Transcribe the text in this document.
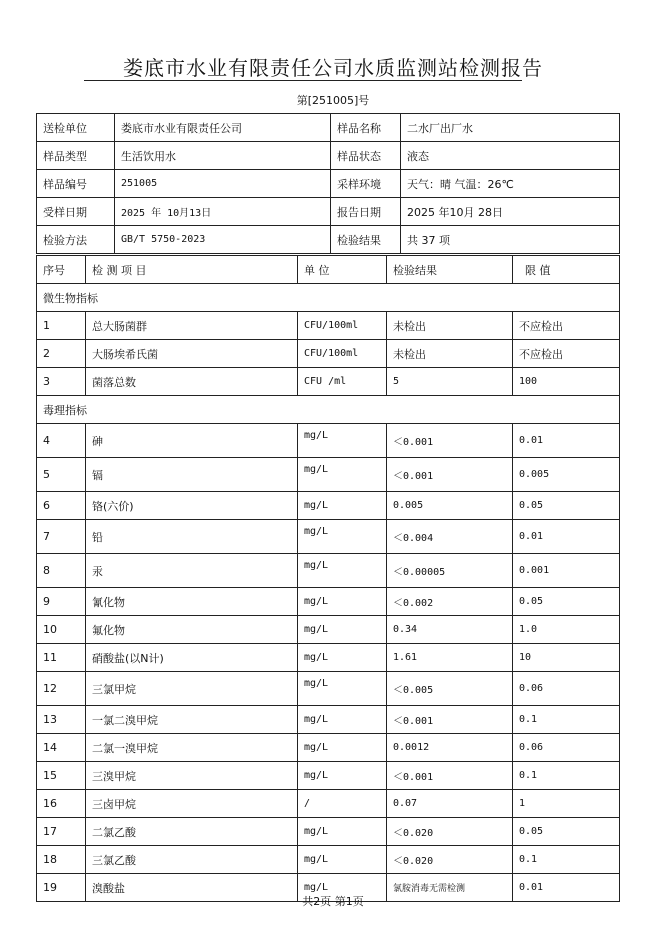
娄底市水业有限责任公司水质监测站检测报告
第[251005]号
送检单位	娄底市水业有限责任公司	样品名称	二水厂出厂水
样品类型	生活饮用水	样品状态	液态
样品编号	251005	采样环境	天气：晴 气温：26℃
受样日期	2025 年 10月13日	报告日期	2025 年10月 28日
检验方法	GB/T 5750-2023	检验结果	共 37 项
序号	检 测 项 目	单 位	检验结果	限 值
微生物指标				
1	总大肠菌群	CFU/100ml	未检出	不应检出
2	大肠埃希氏菌	CFU/100ml	未检出	不应检出
3	菌落总数	CFU /ml	5	100
毒理指标				
4	砷	mg/L	＜0.001	0.01
5	镉	mg/L	＜0.001	0.005
6	铬(六价)	mg/L	0.005	0.05
7	铅	mg/L	＜0.004	0.01
8	汞	mg/L	＜0.00005	0.001
9	氰化物	mg/L	＜0.002	0.05
10	氟化物	mg/L	0.34	1.0
11	硝酸盐(以N计)	mg/L	1.61	10
12	三氯甲烷	mg/L	＜0.005	0.06
13	一氯二溴甲烷	mg/L	＜0.001	0.1
14	二氯一溴甲烷	mg/L	0.0012	0.06
15	三溴甲烷	mg/L	＜0.001	0.1
16	三卤甲烷	/	0.07	1
17	二氯乙酸	mg/L	＜0.020	0.05
18	三氯乙酸	mg/L	＜0.020	0.1
19	溴酸盐	mg/L	氯胺消毒无需检测	0.01
共2页 第1页
